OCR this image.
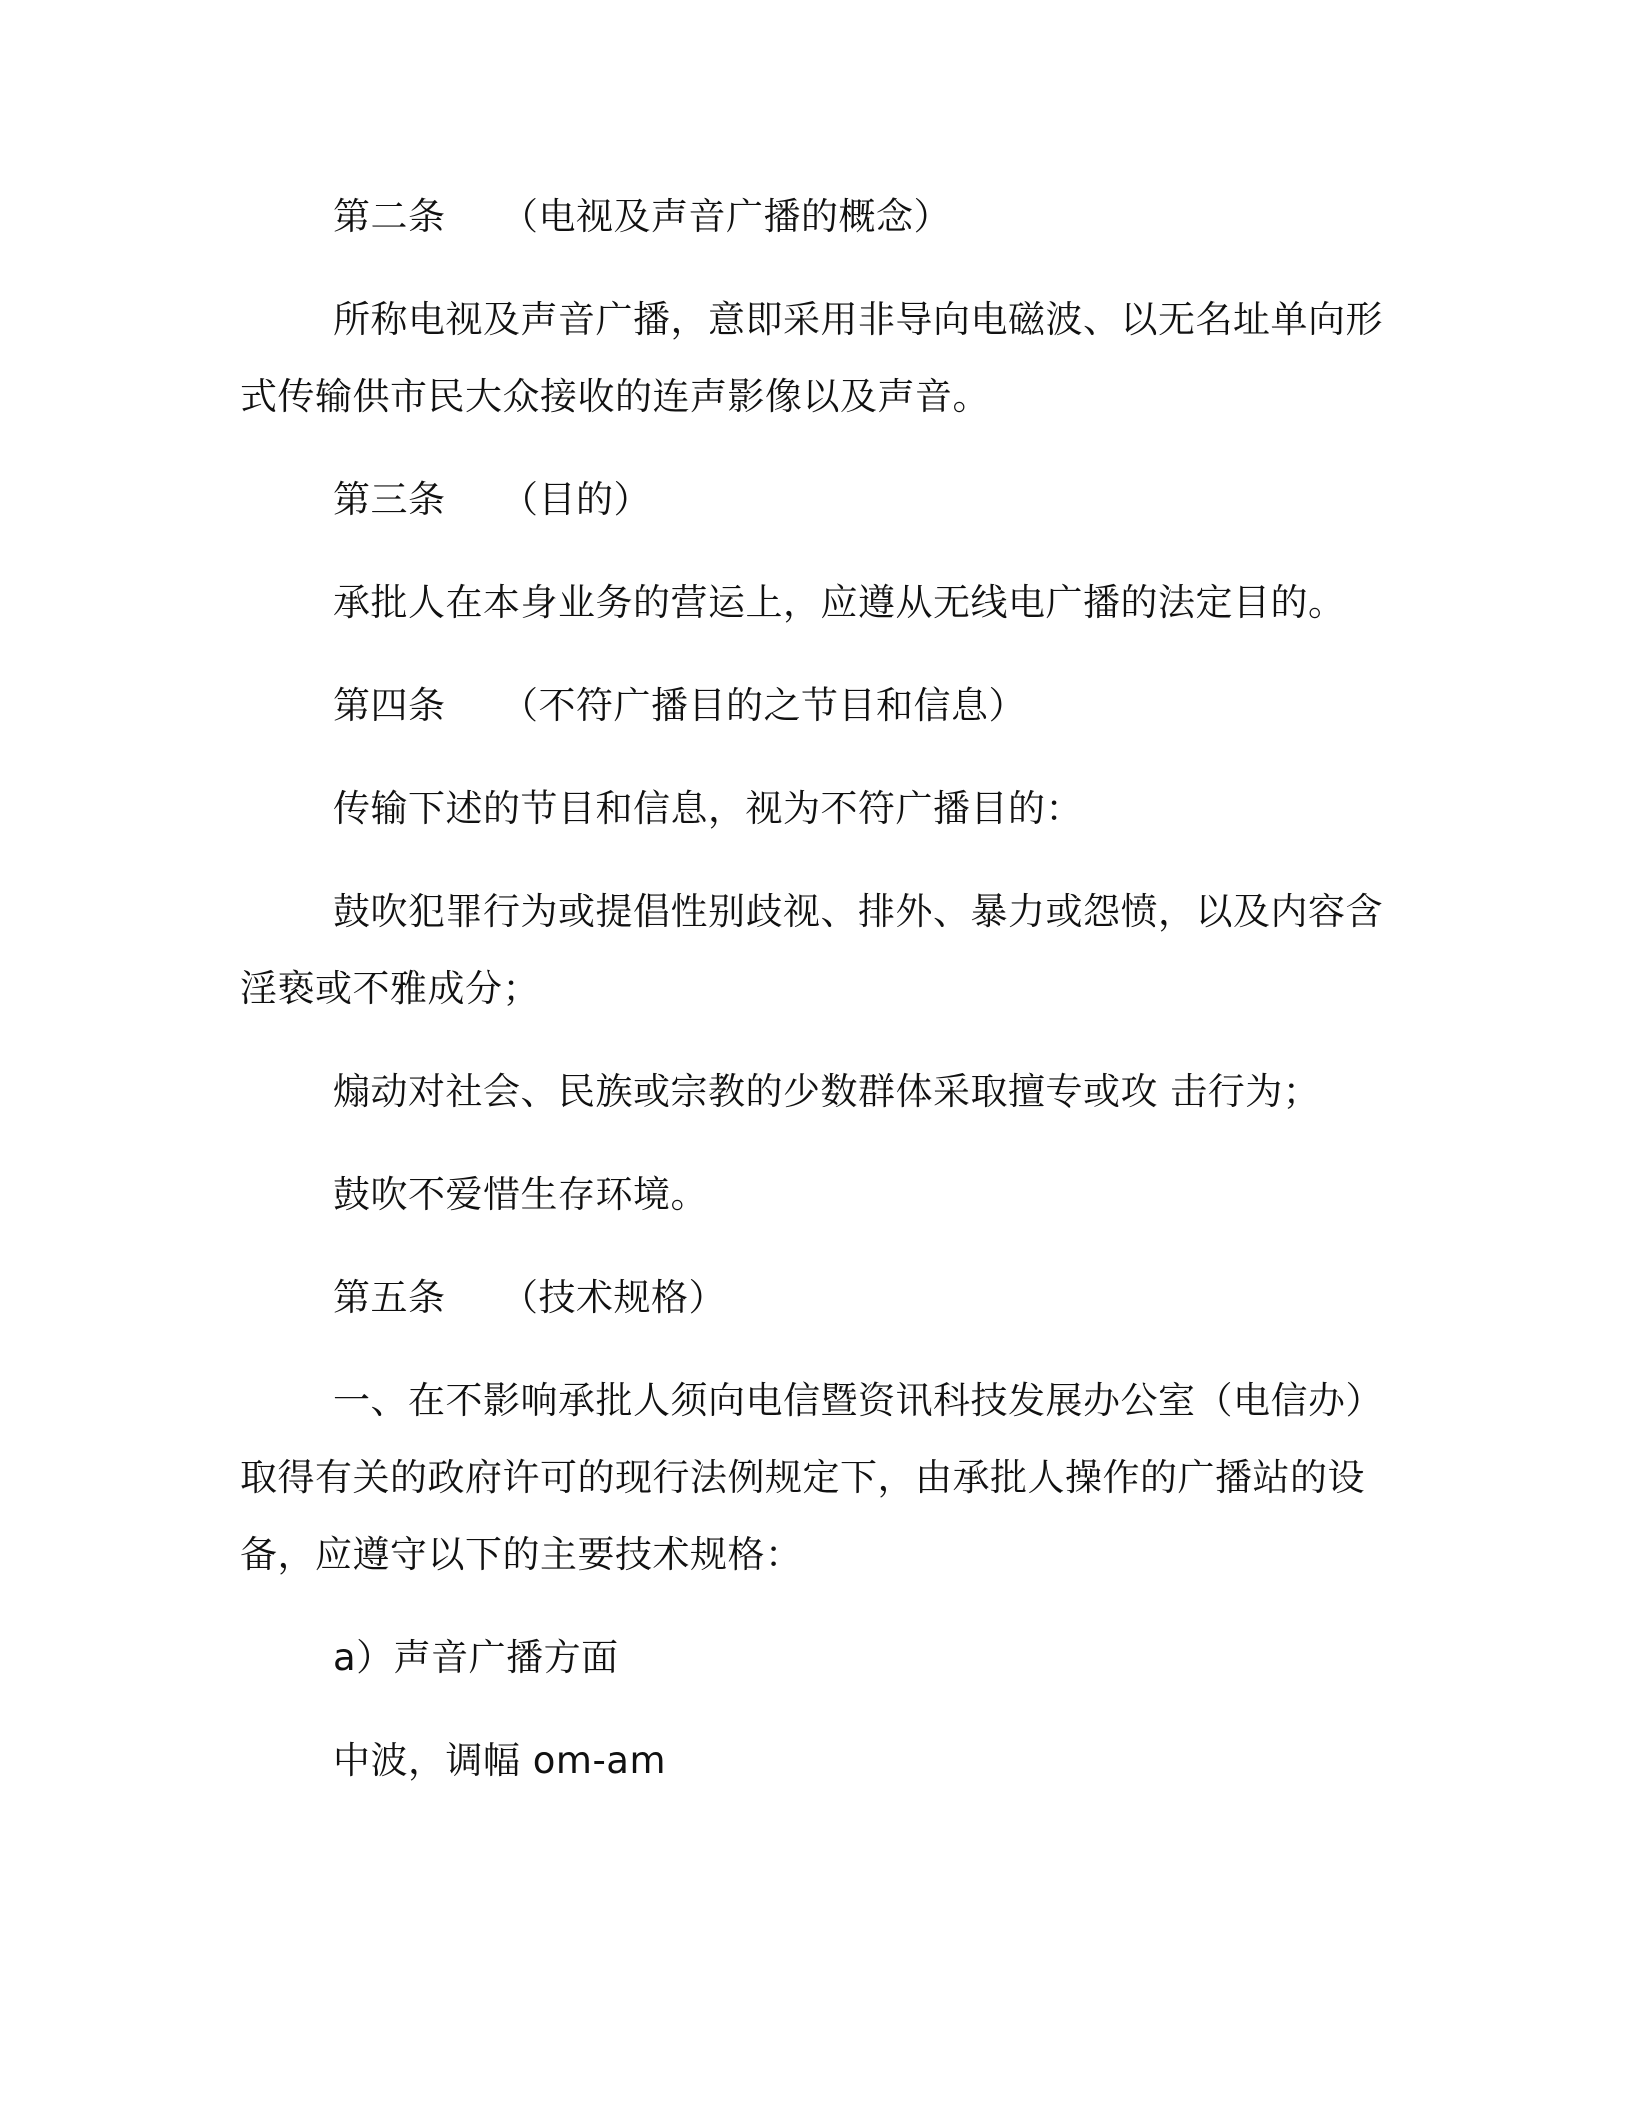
第二条 （电视及声音广播的概念）
所称电视及声音广播，意即采用非导向电磁波、以无名址单向形
式传输供市民大众接收的连声影像以及声音。
第三条 （目的）
承批人在本身业务的营运上，应遵从无线电广播的法定目的。
第四条 （不符广播目的之节目和信息）
传输下述的节目和信息，视为不符广播目的：
鼓吹犯罪行为或提倡性别歧视、排外、暴力或怨愤，以及内容含
淫亵或不雅成分；
煽动对社会、民族或宗教的少数群体采取擅专或攻 击行为；
鼓吹不爱惜生存环境。
第五条 （技术规格）
一、在不影响承批人须向电信暨资讯科技发展办公室（电信办）
取得有关的政府许可的现行法例规定下，由承批人操作的广播站的设
备，应遵守以下的主要技术规格：
a）声音广播方面
中波，调幅 om-am
